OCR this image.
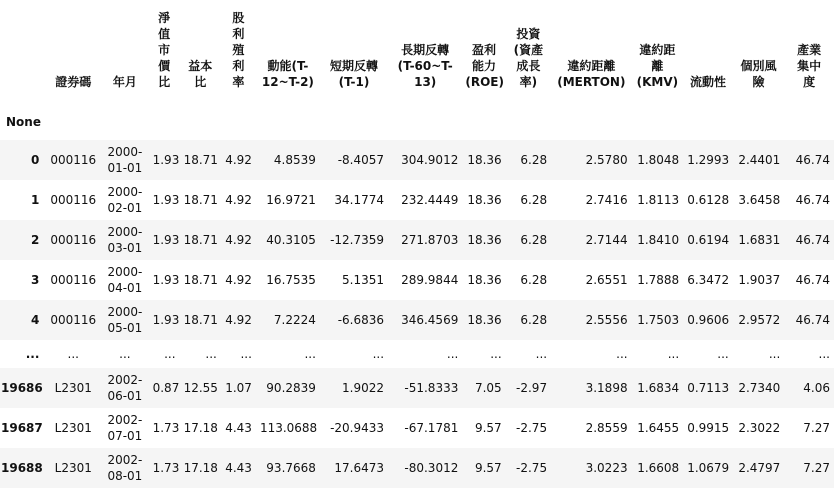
	證券碼	年月	淨
值
市
價
比	益本
比	股
利
殖
利
率	動能(T-
12~T-2)	短期反轉
(T-1)	長期反轉
(T-60~T-
13)	盈利
能力
(ROE)	投資
(資產
成長
率)	違約距離
(MERTON)	違約距
離
(KMV)	流動性	個別風
險	產業
集中
度
None															
0	000116	2000-
01-01	1.93	18.71	4.92	4.8539	-8.4057	304.9012	18.36	6.28	2.5780	1.8048	1.2993	2.4401	46.74
1	000116	2000-
02-01	1.93	18.71	4.92	16.9721	34.1774	232.4449	18.36	6.28	2.7416	1.8113	0.6128	3.6458	46.74
2	000116	2000-
03-01	1.93	18.71	4.92	40.3105	-12.7359	271.8703	18.36	6.28	2.7144	1.8410	0.6194	1.6831	46.74
3	000116	2000-
04-01	1.93	18.71	4.92	16.7535	5.1351	289.9844	18.36	6.28	2.6551	1.7888	6.3472	1.9037	46.74
4	000116	2000-
05-01	1.93	18.71	4.92	7.2224	-6.6836	346.4569	18.36	6.28	2.5556	1.7503	0.9606	2.9572	46.74
...	...	...	...	...	...	...	...	...	...	...	...	...	...	...	...
19686	L2301	2002-
06-01	0.87	12.55	1.07	90.2839	1.9022	-51.8333	7.05	-2.97	3.1898	1.6834	0.7113	2.7340	4.06
19687	L2301	2002-
07-01	1.73	17.18	4.43	113.0688	-20.9433	-67.1781	9.57	-2.75	2.8559	1.6455	0.9915	2.3022	7.27
19688	L2301	2002-
08-01	1.73	17.18	4.43	93.7668	17.6473	-80.3012	9.57	-2.75	3.0223	1.6608	1.0679	2.4797	7.27
